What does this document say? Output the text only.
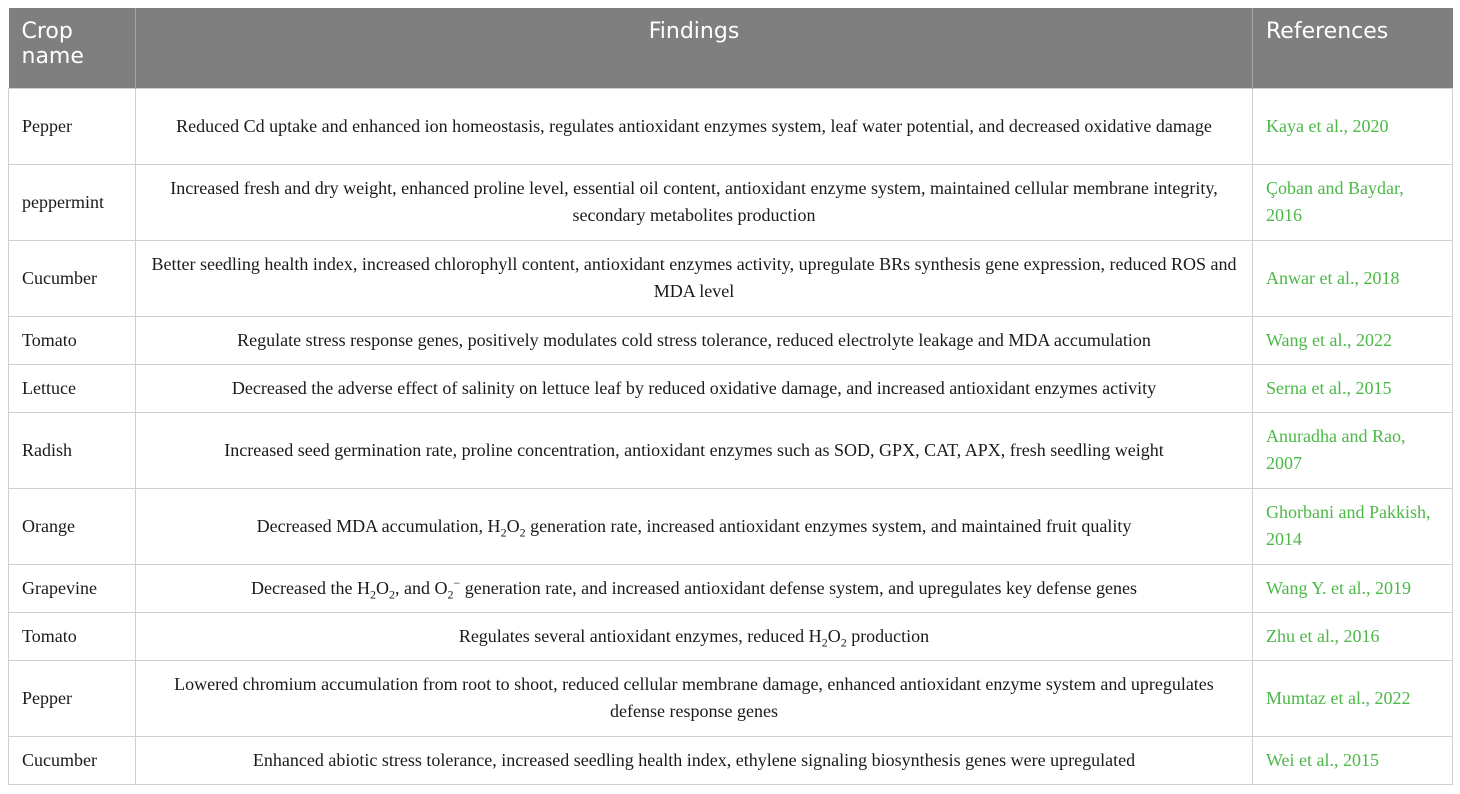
Crop name	Findings	References
Pepper	Reduced Cd uptake and enhanced ion homeostasis, regulates antioxidant enzymes system, leaf water potential, and decreased oxidative damage	Kaya et al., 2020
peppermint	Increased fresh and dry weight, enhanced proline level, essential oil content, antioxidant enzyme system, maintained cellular membrane integrity, secondary metabolites production	Çoban and Baydar, 2016
Cucumber	Better seedling health index, increased chlorophyll content, antioxidant enzymes activity, upregulate BRs synthesis gene expression, reduced ROS and MDA level	Anwar et al., 2018
Tomato	Regulate stress response genes, positively modulates cold stress tolerance, reduced electrolyte leakage and MDA accumulation	Wang et al., 2022
Lettuce	Decreased the adverse effect of salinity on lettuce leaf by reduced oxidative damage, and increased antioxidant enzymes activity	Serna et al., 2015
Radish	Increased seed germination rate, proline concentration, antioxidant enzymes such as SOD, GPX, CAT, APX, fresh seedling weight	Anuradha and Rao, 2007
Orange	Decreased MDA accumulation, $H_2O_2$ generation rate, increased antioxidant enzymes system, and maintained fruit quality	Ghorbani and Pakkish, 2014
Grapevine	Decreased the $H_2O_2$, and $O_2^-$ generation rate, and increased antioxidant defense system, and upregulates key defense genes	Wang Y. et al., 2019
Tomato	Regulates several antioxidant enzymes, reduced $H_2O_2$ production	Zhu et al., 2016
Pepper	Lowered chromium accumulation from root to shoot, reduced cellular membrane damage, enhanced antioxidant enzyme system and upregulates defense response genes	Mumtaz et al., 2022
Cucumber	Enhanced abiotic stress tolerance, increased seedling health index, ethylene signaling biosynthesis genes were upregulated	Wei et al., 2015
